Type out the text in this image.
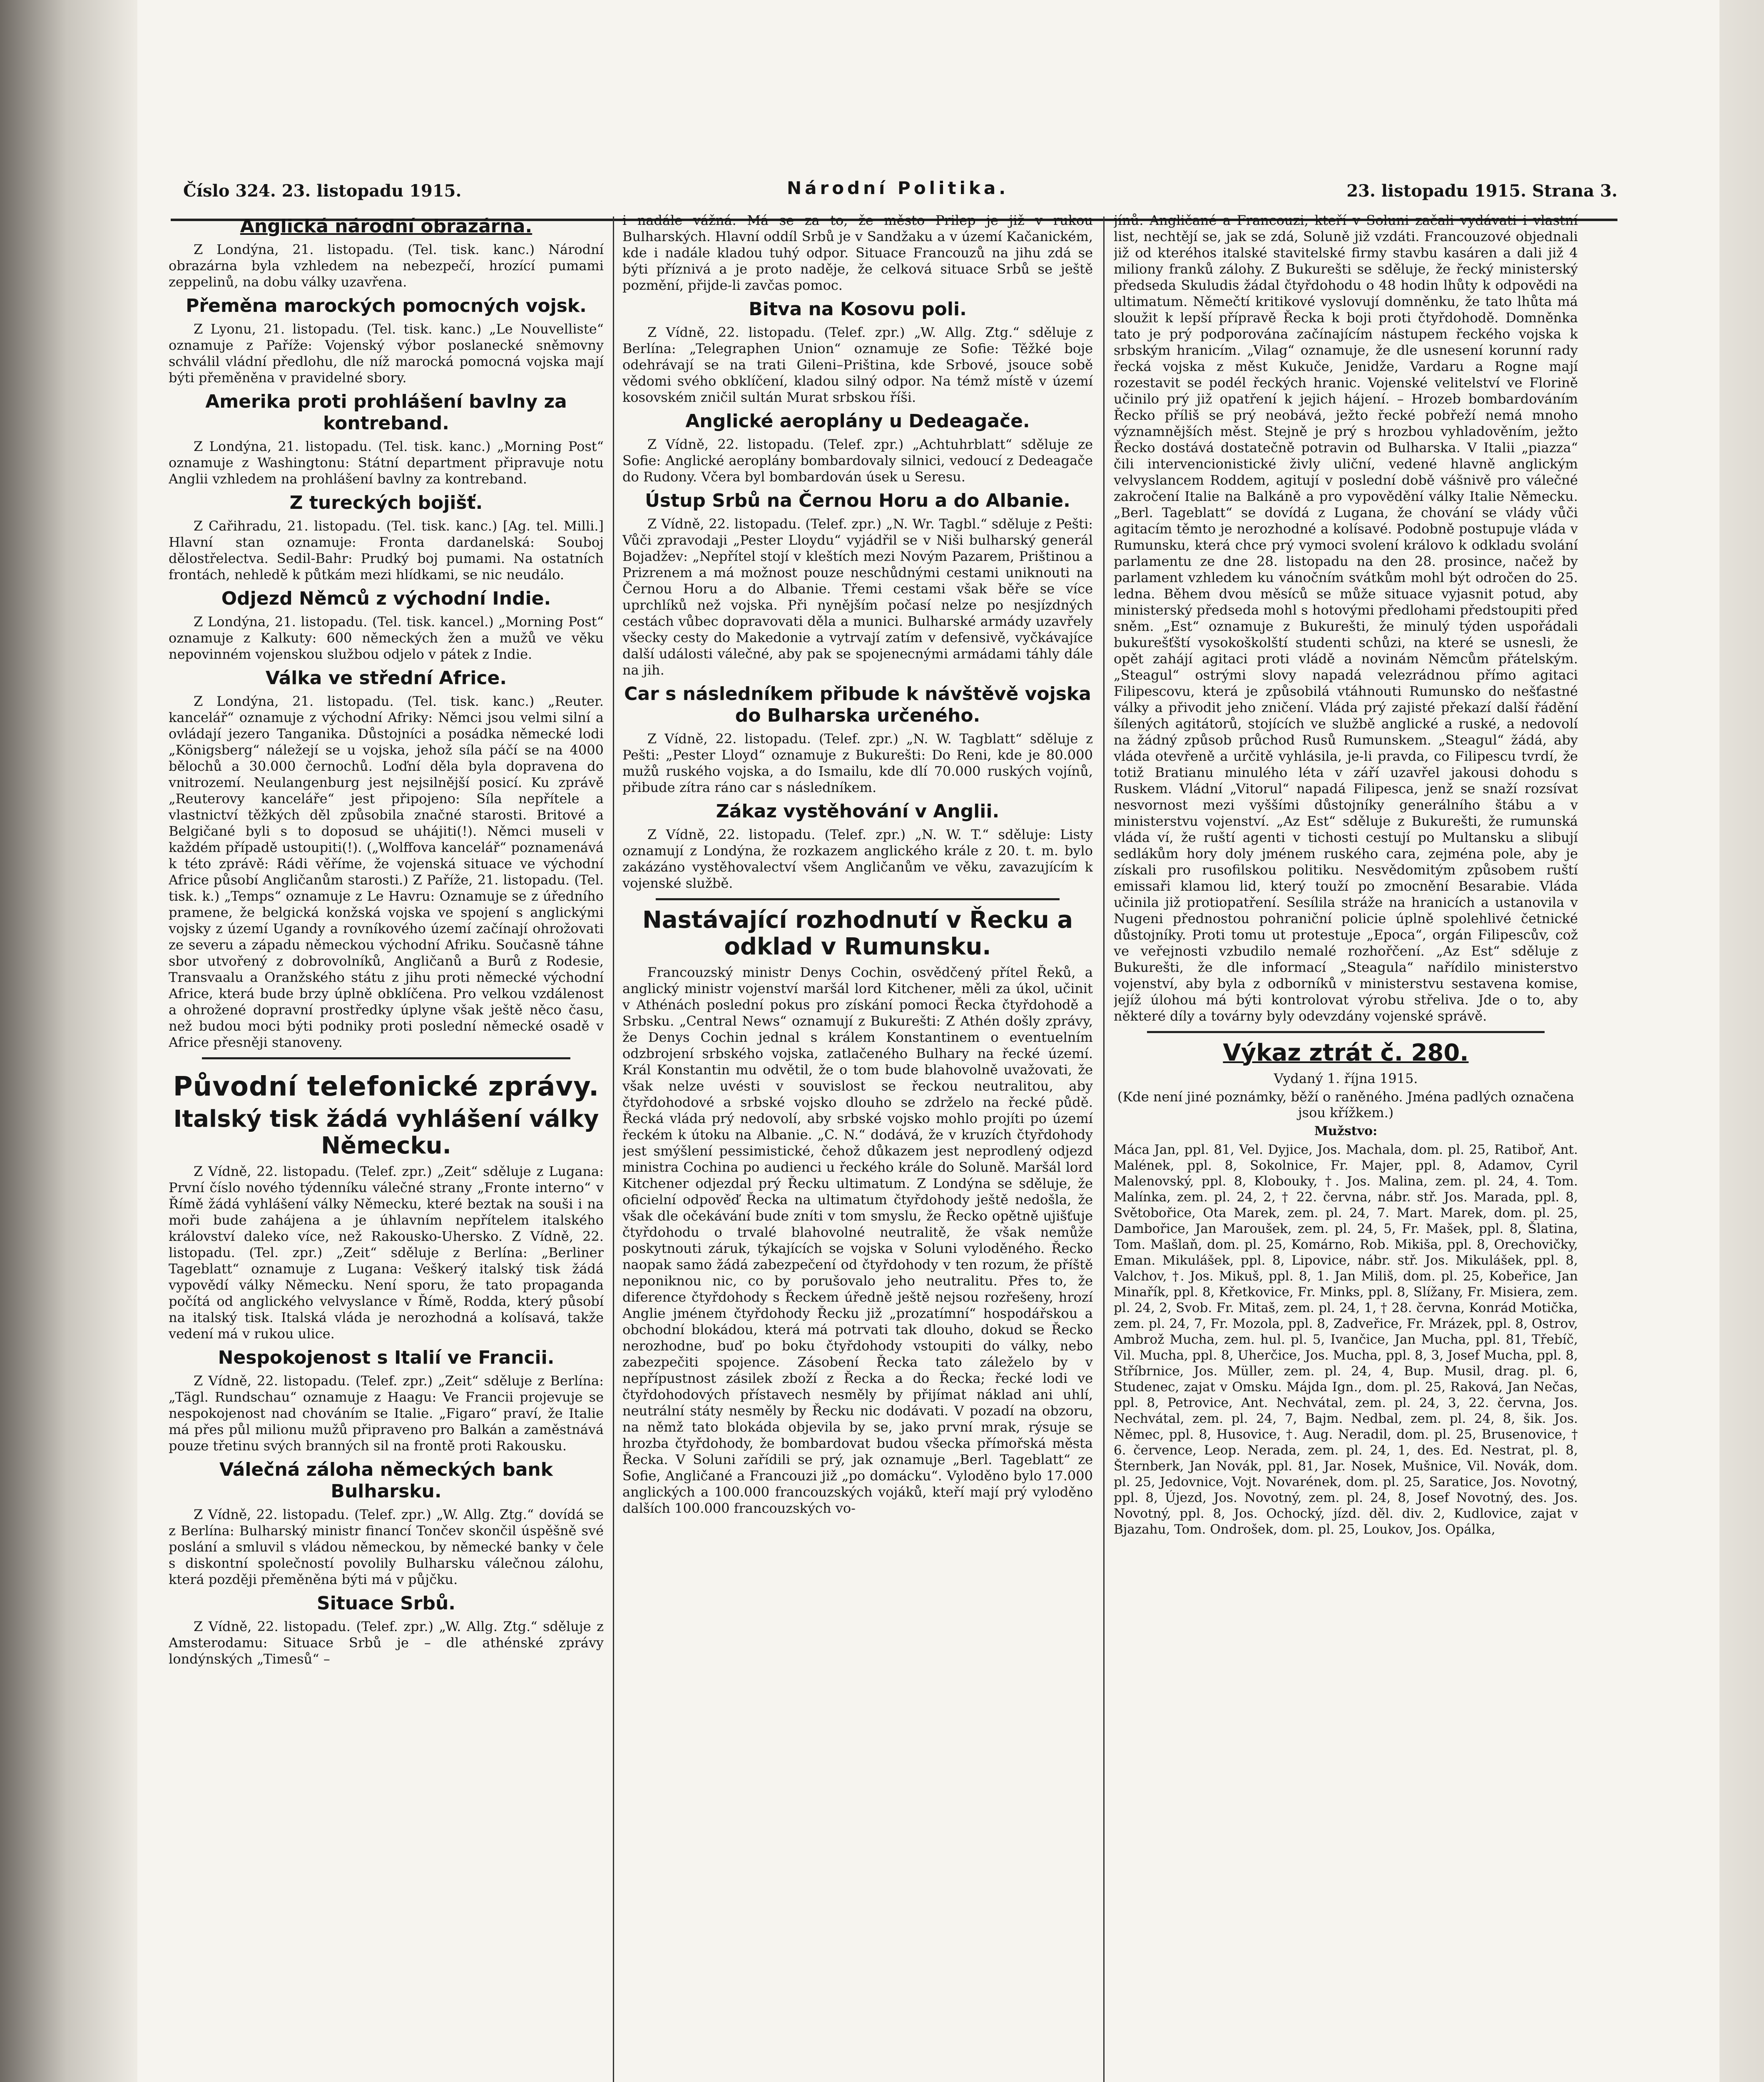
Číslo 324. 23. listopadu 1915.	Národní Politika.	23. listopadu 1915. Strana 3.
Anglická národní obrazárna.

Z Londýna, 21. listopadu. (Tel. tisk. kanc.) Národní obrazárna byla vzhledem na nebezpečí, hrozící pumami zeppelinů, na dobu války uzavřena.

Přeměna marockých pomocných vojsk.

Z Lyonu, 21. listopadu. (Tel. tisk. kanc.) „Le Nouvelliste“ oznamuje z Paříže: Vojenský výbor poslanecké sněmovny schválil vládní předlohu, dle níž marocká pomocná vojska mají býti přeměněna v pravidelné sbory.

Amerika proti prohlášení bavlny za kontreband.

Z Londýna, 21. listopadu. (Tel. tisk. kanc.) „Morning Post“ oznamuje z Washingtonu: Státní department připravuje notu Anglii vzhledem na prohlášení bavlny za kontreband.

Z tureckých bojišť.

Z Cařihradu, 21. listopadu. (Tel. tisk. kanc.) [Ag. tel. Milli.] Hlavní stan oznamuje: Fronta dardanelská: Souboj dělostřelectva. Sedil-Bahr: Prudký boj pumami. Na ostatních frontách, nehledě k půtkám mezi hlídkami, se nic neudálo.

Odjezd Němců z východní Indie.

Z Londýna, 21. listopadu. (Tel. tisk. kancel.) „Morning Post“ oznamuje z Kalkuty: 600 německých žen a mužů ve věku nepovinném vojenskou službou odjelo v pátek z Indie.

Válka ve střední Africe.

Z Londýna, 21. listopadu. (Tel. tisk. kanc.) „Reuter. kancelář“ oznamuje z východní Afriky: Němci jsou velmi silní a ovládají jezero Tanganika. Důstojníci a posádka německé lodi „Königsberg“ náležejí se u vojska, jehož síla páčí se na 4000 bělochů a 30.000 černochů. Loďní děla byla dopravena do vnitrozemí. Neulangenburg jest nejsilnější posicí. Ku zprávě „Reuterovy kanceláře“ jest připojeno: Síla nepřítele a vlastnictví těžkých děl způsobila značné starosti. Britové a Belgičané byli s to doposud se uhájiti(!). Němci museli v každém případě ustoupiti(!). („Wolffova kancelář“ poznamenává k této zprávě: Rádi věříme, že vojenská situace ve východní Africe působí Angličanům starosti.) Z Paříže, 21. listopadu. (Tel. tisk. k.) „Temps“ oznamuje z Le Havru: Oznamuje se z úředního pramene, že belgická konžská vojska ve spojení s anglickými vojsky z území Ugandy a rovníkového území začínají ohrožovati ze severu a západu německou východní Afriku. Současně táhne sbor utvořený z dobrovolníků, Angličanů a Burů z Rodesie, Transvaalu a Oranžského státu z jihu proti německé východní Africe, která bude brzy úplně obklíčena. Pro velkou vzdálenost a ohrožené dopravní prostředky úplyne však ještě něco času, než budou moci býti podniky proti poslední německé osadě v Africe přesněji stanoveny.

Původní telefonické zprávy.
Italský tisk žádá vyhlášení války Německu.

Z Vídně, 22. listopadu. (Telef. zpr.) „Zeit“ sděluje z Lugana: První číslo nového týdenníku válečné strany „Fronte interno“ v Římě žádá vyhlášení války Německu, které beztak na souši i na moři bude zahájena a je úhlavním nepřítelem italského království daleko více, než Rakousko-Uhersko. Z Vídně, 22. listopadu. (Tel. zpr.) „Zeit“ sděluje z Berlína: „Berliner Tageblatt“ oznamuje z Lugana: Veškerý italský tisk žádá vypovědí války Německu. Není sporu, že tato propaganda počítá od anglického velvyslance v Římě, Rodda, který působí na italský tisk. Italská vláda je nerozhodná a kolísavá, takže vedení má v rukou ulice.

Nespokojenost s Italií ve Francii.

Z Vídně, 22. listopadu. (Telef. zpr.) „Zeit“ sděluje z Berlína: „Tägl. Rundschau“ oznamuje z Haagu: Ve Francii projevuje se nespokojenost nad chováním se Italie. „Figaro“ praví, že Italie má přes půl milionu mužů připraveno pro Balkán a zaměstnává pouze třetinu svých branných sil na frontě proti Rakousku.

Válečná záloha německých bank Bulharsku.

Z Vídně, 22. listopadu. (Telef. zpr.) „W. Allg. Ztg.“ dovídá se z Berlína: Bulharský ministr financí Tončev skončil úspěšně své poslání a smluvil s vládou německou, by německé banky v čele s diskontní společností povolily Bulharsku válečnou zálohu, která později přeměněna býti má v půjčku.

Situace Srbů.

Z Vídně, 22. listopadu. (Telef. zpr.) „W. Allg. Ztg.“ sděluje z Amsterodamu: Situace Srbů je – dle athénské zprávy londýnských „Timesů“ –

i nadále vážná. Má se za to, že město Prilep je již v rukou Bulharských. Hlavní oddíl Srbů je v Sandžaku a v území Kačanickém, kde i nadále kladou tuhý odpor. Situace Francouzů na jihu zdá se býti příznivá a je proto naděje, že celková situace Srbů se ještě pozmění, přijde-li zavčas pomoc.

Bitva na Kosovu poli.

Z Vídně, 22. listopadu. (Telef. zpr.) „W. Allg. Ztg.“ sděluje z Berlína: „Telegraphen Union“ oznamuje ze Sofie: Těžké boje odehrávají se na trati Gileni–Priština, kde Srbové, jsouce sobě vědomi svého obklíčení, kladou silný odpor. Na témž místě v území kosovském zničil sultán Murat srbskou říši.

Anglické aeroplány u Dedeagače.

Z Vídně, 22. listopadu. (Telef. zpr.) „Achtuhrblatt“ sděluje ze Sofie: Anglické aeroplány bombardovaly silnici, vedoucí z Dedeagače do Rudony. Včera byl bombardován úsek u Seresu.

Ústup Srbů na Černou Horu a do Albanie.

Z Vídně, 22. listopadu. (Telef. zpr.) „N. Wr. Tagbl.“ sděluje z Pešti: Vůči zpravodaji „Pester Lloydu“ vyjádřil se v Niši bulharský generál Bojadžev: „Nepřítel stojí v kleštích mezi Novým Pazarem, Prištinou a Prizrenem a má možnost pouze neschůdnými cestami uniknouti na Černou Horu a do Albanie. Třemi cestami však běře se více uprchlíků než vojska. Při nynějším počasí nelze po nesjízdných cestách vůbec dopravovati děla a munici. Bulharské armády uzavřely všecky cesty do Makedonie a vytrvají zatím v defensivě, vyčkávajíce další události válečné, aby pak se spojenecnými armádami táhly dále na jih.

Car s následníkem přibude k návštěvě vojska do Bulharska určeného.

Z Vídně, 22. listopadu. (Telef. zpr.) „N. W. Tagblatt“ sděluje z Pešti: „Pester Lloyd“ oznamuje z Bukurešti: Do Reni, kde je 80.000 mužů ruského vojska, a do Ismailu, kde dlí 70.000 ruských vojínů, přibude zítra ráno car s následníkem.

Zákaz vystěhování v Anglii.

Z Vídně, 22. listopadu. (Telef. zpr.) „N. W. T.“ sděluje: Listy oznamují z Londýna, že rozkazem anglického krále z 20. t. m. bylo zakázáno vystěhovalectví všem Angličanům ve věku, zavazujícím k vojenské službě.

Nastávající rozhodnutí v Řecku a odklad v Rumunsku.

Francouzský ministr Denys Cochin, osvědčený přítel Řeků, a anglický ministr vojenství maršál lord Kitchener, měli za úkol, učinit v Athénách poslední pokus pro získání pomoci Řecka čtyřdohodě a Srbsku. „Central News“ oznamují z Bukurešti: Z Athén došly zprávy, že Denys Cochin jednal s králem Konstantinem o eventuelním odzbrojení srbského vojska, zatlačeného Bulhary na řecké území. Král Konstantin mu odvětil, že o tom bude blahovolně uvažovati, že však nelze uvésti v souvislost se řeckou neutralitou, aby čtyřdohodové a srbské vojsko dlouho se zdrželo na řecké půdě. Řecká vláda prý nedovolí, aby srbské vojsko mohlo projíti po území řeckém k útoku na Albanie. „C. N.“ dodává, že v kruzích čtyřdohody jest smýšlení pessimistické, čehož důkazem jest neprodlený odjezd ministra Cochina po audienci u řeckého krále do Soluně. Maršál lord Kitchener odjezdal prý Řecku ultimatum. Z Londýna se sděluje, že oficielní odpověď Řecka na ultimatum čtyřdohody ještě nedošla, že však dle očekávání bude zníti v tom smyslu, že Řecko opětně ujišťuje čtyřdohodu o trvalé blahovolné neutralitě, že však nemůže poskytnouti záruk, týkajících se vojska v Soluni vyloděného. Řecko naopak samo žádá zabezpečení od čtyřdohody v ten rozum, že příště neponiknou nic, co by porušovalo jeho neutralitu. Přes to, že diference čtyřdohody s Řeckem úředně ještě nejsou rozřešeny, hrozí Anglie jménem čtyřdohody Řecku již „prozatímní“ hospodářskou a obchodní blokádou, která má potrvati tak dlouho, dokud se Řecko nerozhodne, buď po boku čtyřdohody vstoupiti do války, nebo zabezpečiti spojence. Zásobení Řecka tato záleželo by v nepřípustnost zásilek zboží z Řecka a do Řecka; řecké lodi ve čtyřdohodových přístavech nesměly by přijímat náklad ani uhlí, neutrální státy nesměly by Řecku nic dodávati. V pozadí na obzoru, na němž tato blokáda objevila by se, jako první mrak, rýsuje se hrozba čtyřdohody, že bombardovat budou všecka přímořská města Řecka. V Soluni zařídili se prý, jak oznamuje „Berl. Tageblatt“ ze Sofie, Angličané a Francouzi již „po domácku“. Vyloděno bylo 17.000 anglických a 100.000 francouzských vojáků, kteří mají prý vyloděno dalších 100.000 francouzských vo-

jínů. Angličané a Francouzi, kteří v Soluni začali vydávati i vlastní list, nechtějí se, jak se zdá, Soluně již vzdáti. Francouzové objednali již od kteréhos italské stavitelské firmy stavbu kasáren a dali již 4 miliony franků zálohy. Z Bukurešti se sděluje, že řecký ministerský předseda Skuludis žádal čtyřdohodu o 48 hodin lhůty k odpovědi na ultimatum. Němečtí kritikové vyslovují domněnku, že tato lhůta má sloužit k lepší přípravě Řecka k boji proti čtyřdohodě. Domněnka tato je prý podporována začínajícím nástupem řeckého vojska k srbským hranicím. „Vilag“ oznamuje, že dle usnesení korunní rady řecká vojska z měst Kukuče, Jenidže, Vardaru a Rogne mají rozestavit se podél řeckých hranic. Vojenské velitelství ve Florině učinilo prý již opatření k jejich hájení. – Hrozeb bombardováním Řecko příliš se prý neobává, ježto řecké pobřeží nemá mnoho významnějších měst. Stejně je prý s hrozbou vyhladověním, ježto Řecko dostává dostatečně potravin od Bulharska. V Italii „piazza“ čili intervencionistické živly uliční, vedené hlavně anglickým velvyslancem Roddem, agitují v poslední době vášnivě pro válečné zakročení Italie na Balkáně a pro vypovědění války Italie Německu. „Berl. Tageblatt“ se dovídá z Lugana, že chování se vlády vůči agitacím těmto je nerozhodné a kolísavé. Podobně postupuje vláda v Rumunsku, která chce prý vymoci svolení královo k odkladu svolání parlamentu ze dne 28. listopadu na den 28. prosince, načež by parlament vzhledem ku vánočním svátkům mohl být odročen do 25. ledna. Během dvou měsíců se může situace vyjasnit potud, aby ministerský předseda mohl s hotovými předlohami předstoupiti před sněm. „Est“ oznamuje z Bukurešti, že minulý týden uspořádali bukurešťští vysokoškolští studenti schůzi, na které se usnesli, že opět zahájí agitaci proti vládě a novinám Němcům přátelským. „Steagul“ ostrými slovy napadá velezrádnou přímo agitaci Filipescovu, která je způsobilá vtáhnouti Rumunsko do nešťastné války a přivodit jeho zničení. Vláda prý zajisté překazí další řádění šílených agitátorů, stojících ve službě anglické a ruské, a nedovolí na žádný způsob průchod Rusů Rumunskem. „Steagul“ žádá, aby vláda otevřeně a určitě vyhlásila, je-li pravda, co Filipescu tvrdí, že totiž Bratianu minulého léta v září uzavřel jakousi dohodu s Ruskem. Vládní „Vitorul“ napadá Filipesca, jenž se snaží rozsívat nesvornost mezi vyššími důstojníky generálního štábu a v ministerstvu vojenství. „Az Est“ sděluje z Bukurešti, že rumunská vláda ví, že ruští agenti v tichosti cestují po Multansku a slibují sedlákům hory doly jménem ruského cara, zejména pole, aby je získali pro rusofilskou politiku. Nesvědomitým způsobem ruští emissaři klamou lid, který touží po zmocnění Besarabie. Vláda učinila již protiopatření. Sesílila stráže na hranicích a ustanovila v Nugeni přednostou pohraniční policie úplně spolehlivé četnické důstojníky. Proti tomu ut protestuje „Epoca“, orgán Filipescův, což ve veřejnosti vzbudilo nemalé rozhořčení. „Az Est“ sděluje z Bukurešti, že dle informací „Steagula“ nařídilo ministerstvo vojenství, aby byla z odborníků v ministerstvu sestavena komise, jejíž úlohou má býti kontrolovat výrobu střeliva. Jde o to, aby některé díly a továrny byly odevzdány vojenské správě.

Výkaz ztrát č. 280.
Vydaný 1. října 1915.
(Kde není jiné poznámky, běží o raněného. Jména padlých označena jsou křížkem.)
Mužstvo:

Máca Jan, ppl. 81, Vel. Dyjice, Jos. Machala, dom. pl. 25, Ratiboř, Ant. Malének, ppl. 8, Sokolnice, Fr. Majer, ppl. 8, Adamov, Cyril Malenovský, ppl. 8, Klobouky, †. Jos. Malina, zem. pl. 24, 4. Tom. Malínka, zem. pl. 24, 2, † 22. června, nábr. stř. Jos. Marada, ppl. 8, Světobořice, Ota Marek, zem. pl. 24, 7. Mart. Marek, dom. pl. 25, Dambořice, Jan Maroušek, zem. pl. 24, 5, Fr. Mašek, ppl. 8, Šlatina, Tom. Mašlaň, dom. pl. 25, Komárno, Rob. Mikiša, ppl. 8, Orechovičky, Eman. Mikulášek, ppl. 8, Lipovice, nábr. stř. Jos. Mikulášek, ppl. 8, Valchov, †. Jos. Mikuš, ppl. 8, 1. Jan Miliš, dom. pl. 25, Kobeřice, Jan Minařík, ppl. 8, Křetkovice, Fr. Minks, ppl. 8, Slížany, Fr. Misiera, zem. pl. 24, 2, Svob. Fr. Mitaš, zem. pl. 24, 1, † 28. června, Konrád Motička, zem. pl. 24, 7, Fr. Mozola, ppl. 8, Zadveřice, Fr. Mrázek, ppl. 8, Ostrov, Ambrož Mucha, zem. hul. pl. 5, Ivančice, Jan Mucha, ppl. 81, Třebíč, Vil. Mucha, ppl. 8, Uherčice, Jos. Mucha, ppl. 8, 3, Josef Mucha, ppl. 8, Stříbrnice, Jos. Müller, zem. pl. 24, 4, Bup. Musil, drag. pl. 6, Studenec, zajat v Omsku. Májda Ign., dom. pl. 25, Raková, Jan Nečas, ppl. 8, Petrovice, Ant. Nechvátal, zem. pl. 24, 3, 22. června, Jos. Nechvátal, zem. pl. 24, 7, Bajm. Nedbal, zem. pl. 24, 8, šik. Jos. Němec, ppl. 8, Husovice, †. Aug. Neradil, dom. pl. 25, Brusenovice, † 6. července, Leop. Nerada, zem. pl. 24, 1, des. Ed. Nestrat, pl. 8, Šternberk, Jan Novák, ppl. 81, Jar. Nosek, Mušnice, Vil. Novák, dom. pl. 25, Jedovnice, Vojt. Novarének, dom. pl. 25, Saratice, Jos. Novotný, ppl. 8, Újezd, Jos. Novotný, zem. pl. 24, 8, Josef Novotný, des. Jos. Novotný, ppl. 8, Jos. Ochocký, jízd. děl. div. 2, Kudlovice, zajat v Bjazahu, Tom. Ondrošek, dom. pl. 25, Loukov, Jos. Opálka,
